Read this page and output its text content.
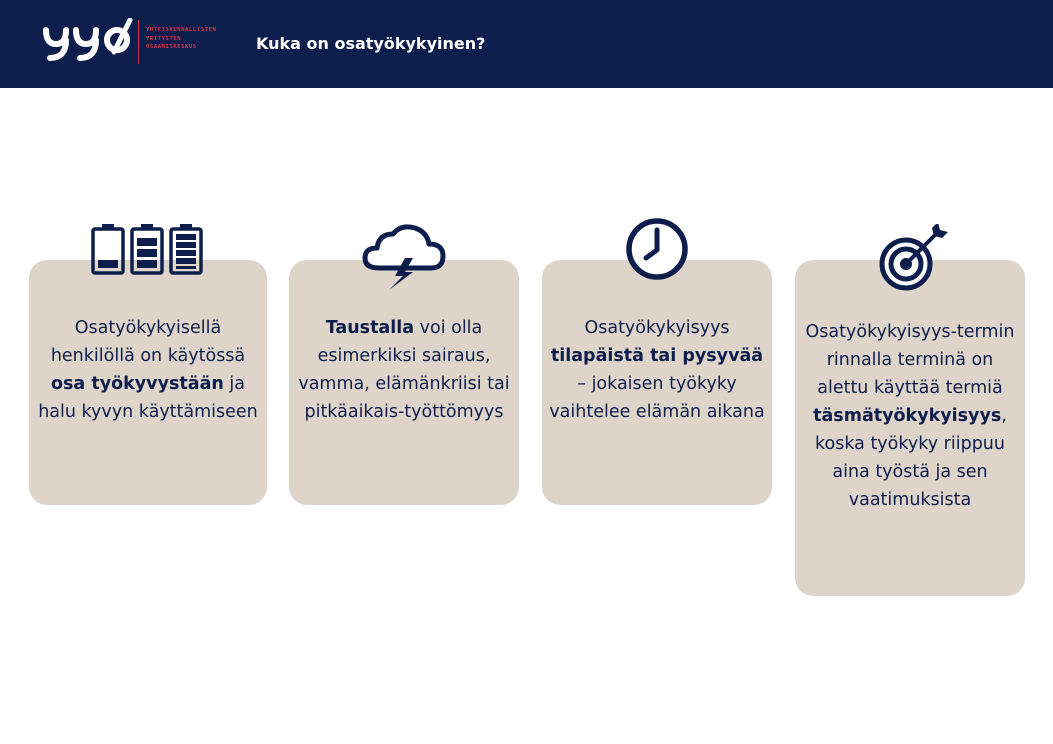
YHTEISKUNNALLISTEN
YRITYSTEN
OSAAMISKESKUS	Kuka on osatyökykyinen?

Osatyökykyisellä henkilöllä on käytössä osa työkyvystään ja halu kyvyn käyttämiseen

Taustalla voi olla esimerkiksi sairaus, vamma, elämänkriisi tai pitkäaikais-työttömyys

Osatyökykyisyys tilapäistä tai pysyvää – jokaisen työkyky vaihtelee elämän aikana

Osatyökykyisyys-termin rinnalla terminä on alettu käyttää termiä täsmätyökykyisyys, koska työkyky riippuu aina työstä ja sen vaatimuksista
